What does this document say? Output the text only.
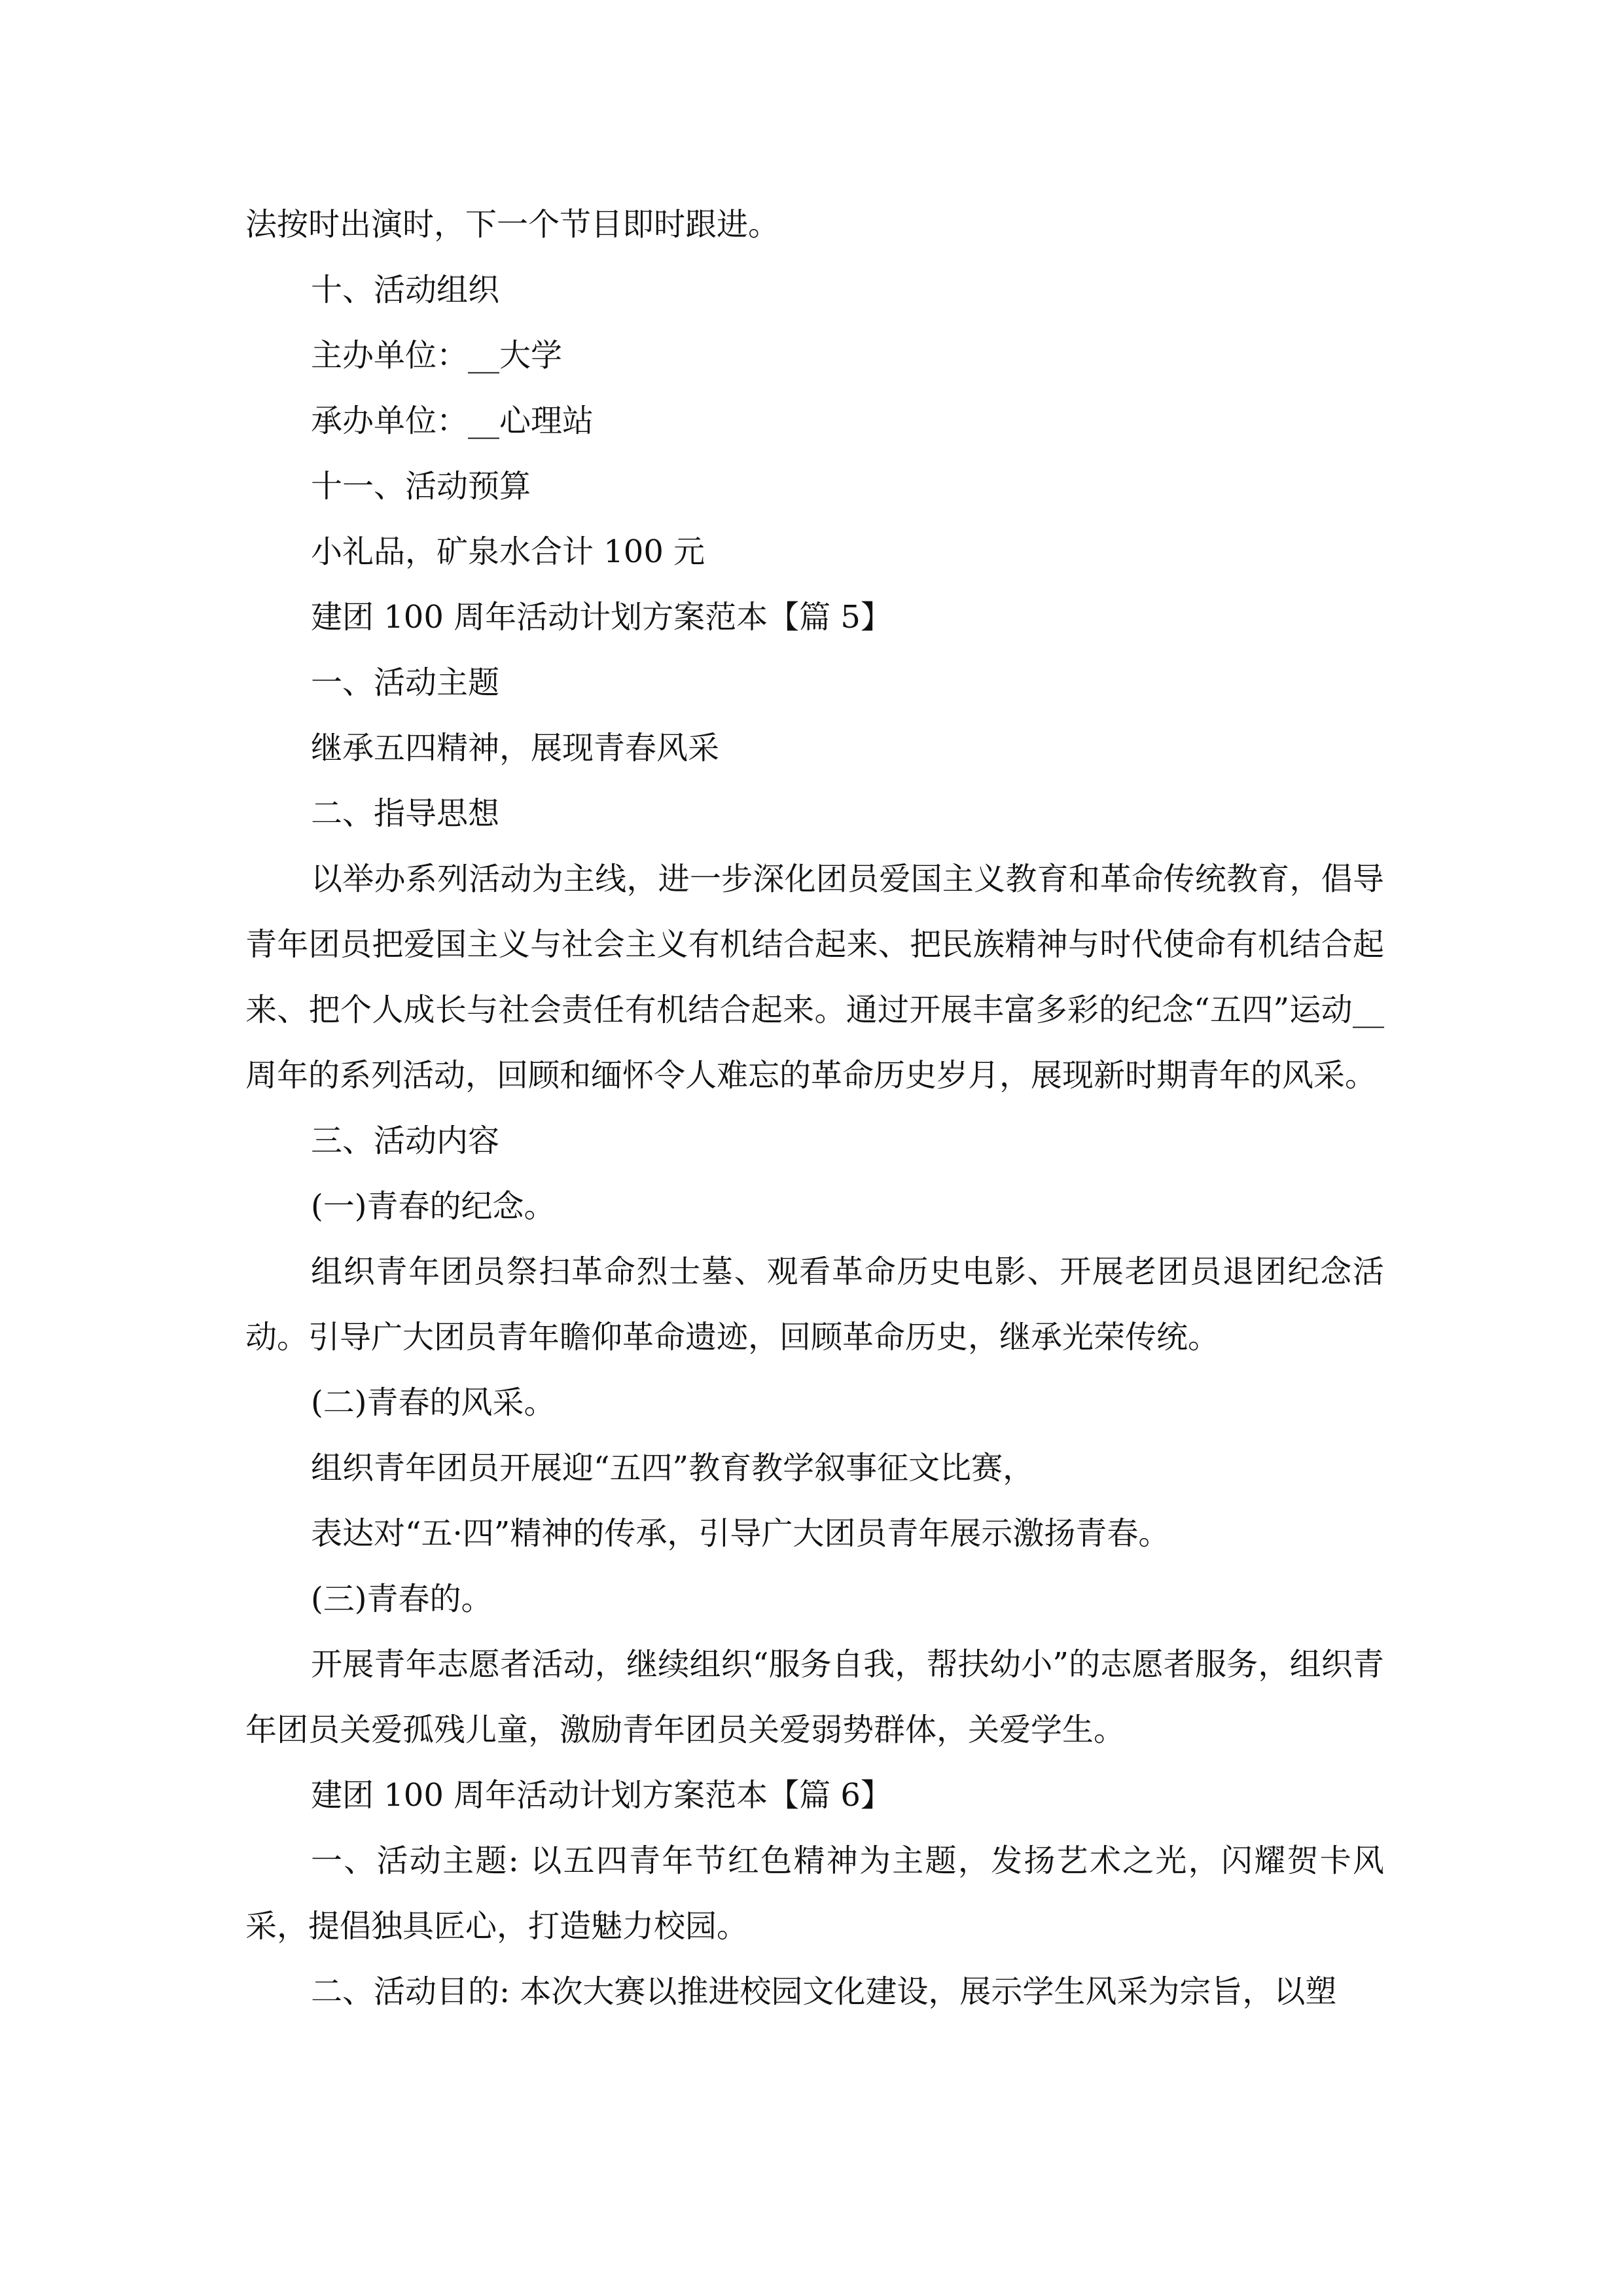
法按时出演时，下一个节目即时跟进。

十、活动组织

主办单位：__大学

承办单位：__心理站

十一、活动预算

小礼品，矿泉水合计 100 元

建团 100 周年活动计划方案范本【篇 5】

一、活动主题

继承五四精神，展现青春风采

二、指导思想

以举办系列活动为主线，进一步深化团员爱国主义教育和革命传统教育，倡导青年团员把爱国主义与社会主义有机结合起来、把民族精神与时代使命有机结合起来、把个人成长与社会责任有机结合起来。通过开展丰富多彩的纪念“五四”运动__周年的系列活动，回顾和缅怀令人难忘的革命历史岁月，展现新时期青年的风采。

三、活动内容

(一)青春的纪念。

组织青年团员祭扫革命烈士墓、观看革命历史电影、开展老团员退团纪念活动。引导广大团员青年瞻仰革命遗迹，回顾革命历史，继承光荣传统。

(二)青春的风采。

组织青年团员开展迎“五四”教育教学叙事征文比赛，

表达对“五·四”精神的传承，引导广大团员青年展示激扬青春。

(三)青春的。

开展青年志愿者活动，继续组织“服务自我，帮扶幼小”的志愿者服务，组织青年团员关爱孤残儿童，激励青年团员关爱弱势群体，关爱学生。

建团 100 周年活动计划方案范本【篇 6】

一、活动主题: 以五四青年节红色精神为主题，发扬艺术之光，闪耀贺卡风采，提倡独具匠心，打造魅力校园。

二、活动目的: 本次大赛以推进校园文化建设，展示学生风采为宗旨，以塑
